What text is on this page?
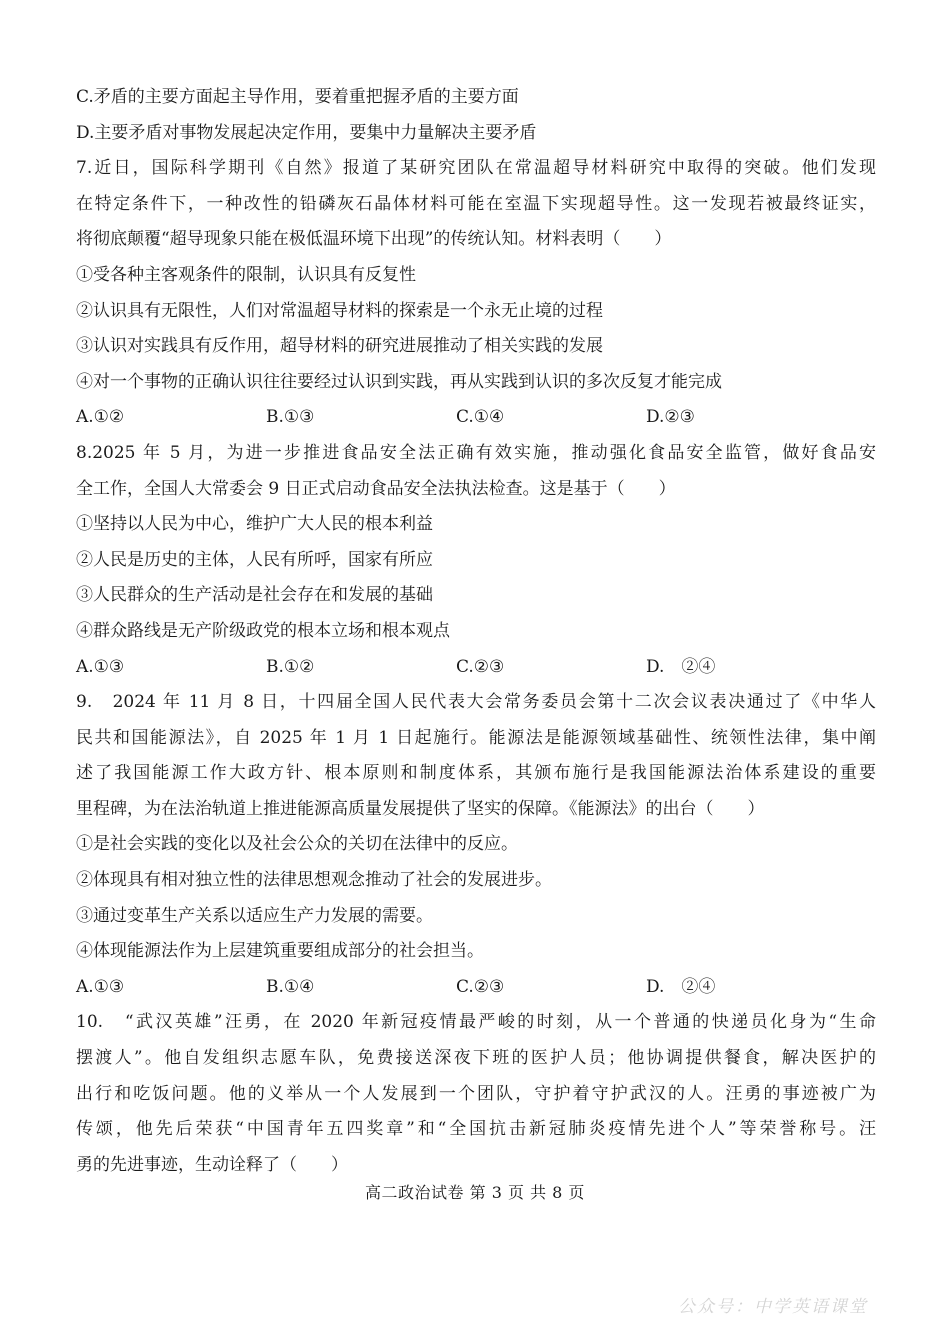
C.矛盾的主要方面起主导作用，要着重把握矛盾的主要方面
D.主要矛盾对事物发展起决定作用，要集中力量解决主要矛盾
7.近日，国际科学期刊《自然》报道了某研究团队在常温超导材料研究中取得的突破。他们发现
在特定条件下，一种改性的铅磷灰石晶体材料可能在室温下实现超导性。这一发现若被最终证实，
将彻底颠覆“超导现象只能在极低温环境下出现”的传统认知。材料表明（　　）
①受各种主客观条件的限制，认识具有反复性
②认识具有无限性，人们对常温超导材料的探索是一个永无止境的过程
③认识对实践具有反作用，超导材料的研究进展推动了相关实践的发展
④对一个事物的正确认识往往要经过认识到实践，再从实践到认识的多次反复才能完成
A.①②	B.①③	C.①④	D.②③
8.2025 年 5 月，为进一步推进食品安全法正确有效实施，推动强化食品安全监管，做好食品安
全工作，全国人大常委会 9 日正式启动食品安全法执法检查。这是基于（　　）
①坚持以人民为中心，维护广大人民的根本利益
②人民是历史的主体，人民有所呼，国家有所应
③人民群众的生产活动是社会存在和发展的基础
④群众路线是无产阶级政党的根本立场和根本观点
A.①③	B.①②	C.②③	D.　②④
9.　2024 年 11 月 8 日，十四届全国人民代表大会常务委员会第十二次会议表决通过了《中华人
民共和国能源法》，自 2025 年 1 月 1 日起施行。能源法是能源领域基础性、统领性法律，集中阐
述了我国能源工作大政方针、根本原则和制度体系，其颁布施行是我国能源法治体系建设的重要
里程碑，为在法治轨道上推进能源高质量发展提供了坚实的保障。《能源法》的出台（　　）
①是社会实践的变化以及社会公众的关切在法律中的反应。
②体现具有相对独立性的法律思想观念推动了社会的发展进步。
③通过变革生产关系以适应生产力发展的需要。
④体现能源法作为上层建筑重要组成部分的社会担当。
A.①③	B.①④	C.②③	D.　②④
10.　“武汉英雄”汪勇，在 2020 年新冠疫情最严峻的时刻，从一个普通的快递员化身为“生命
摆渡人”。他自发组织志愿车队，免费接送深夜下班的医护人员；他协调提供餐食，解决医护的
出行和吃饭问题。他的义举从一个人发展到一个团队，守护着守护武汉的人。汪勇的事迹被广为
传颂，他先后荣获“中国青年五四奖章”和“全国抗击新冠肺炎疫情先进个人”等荣誉称号。汪
勇的先进事迹，生动诠释了（　　）
高二政治试卷 第 3 页 共 8 页
公众号：中学英语课堂
